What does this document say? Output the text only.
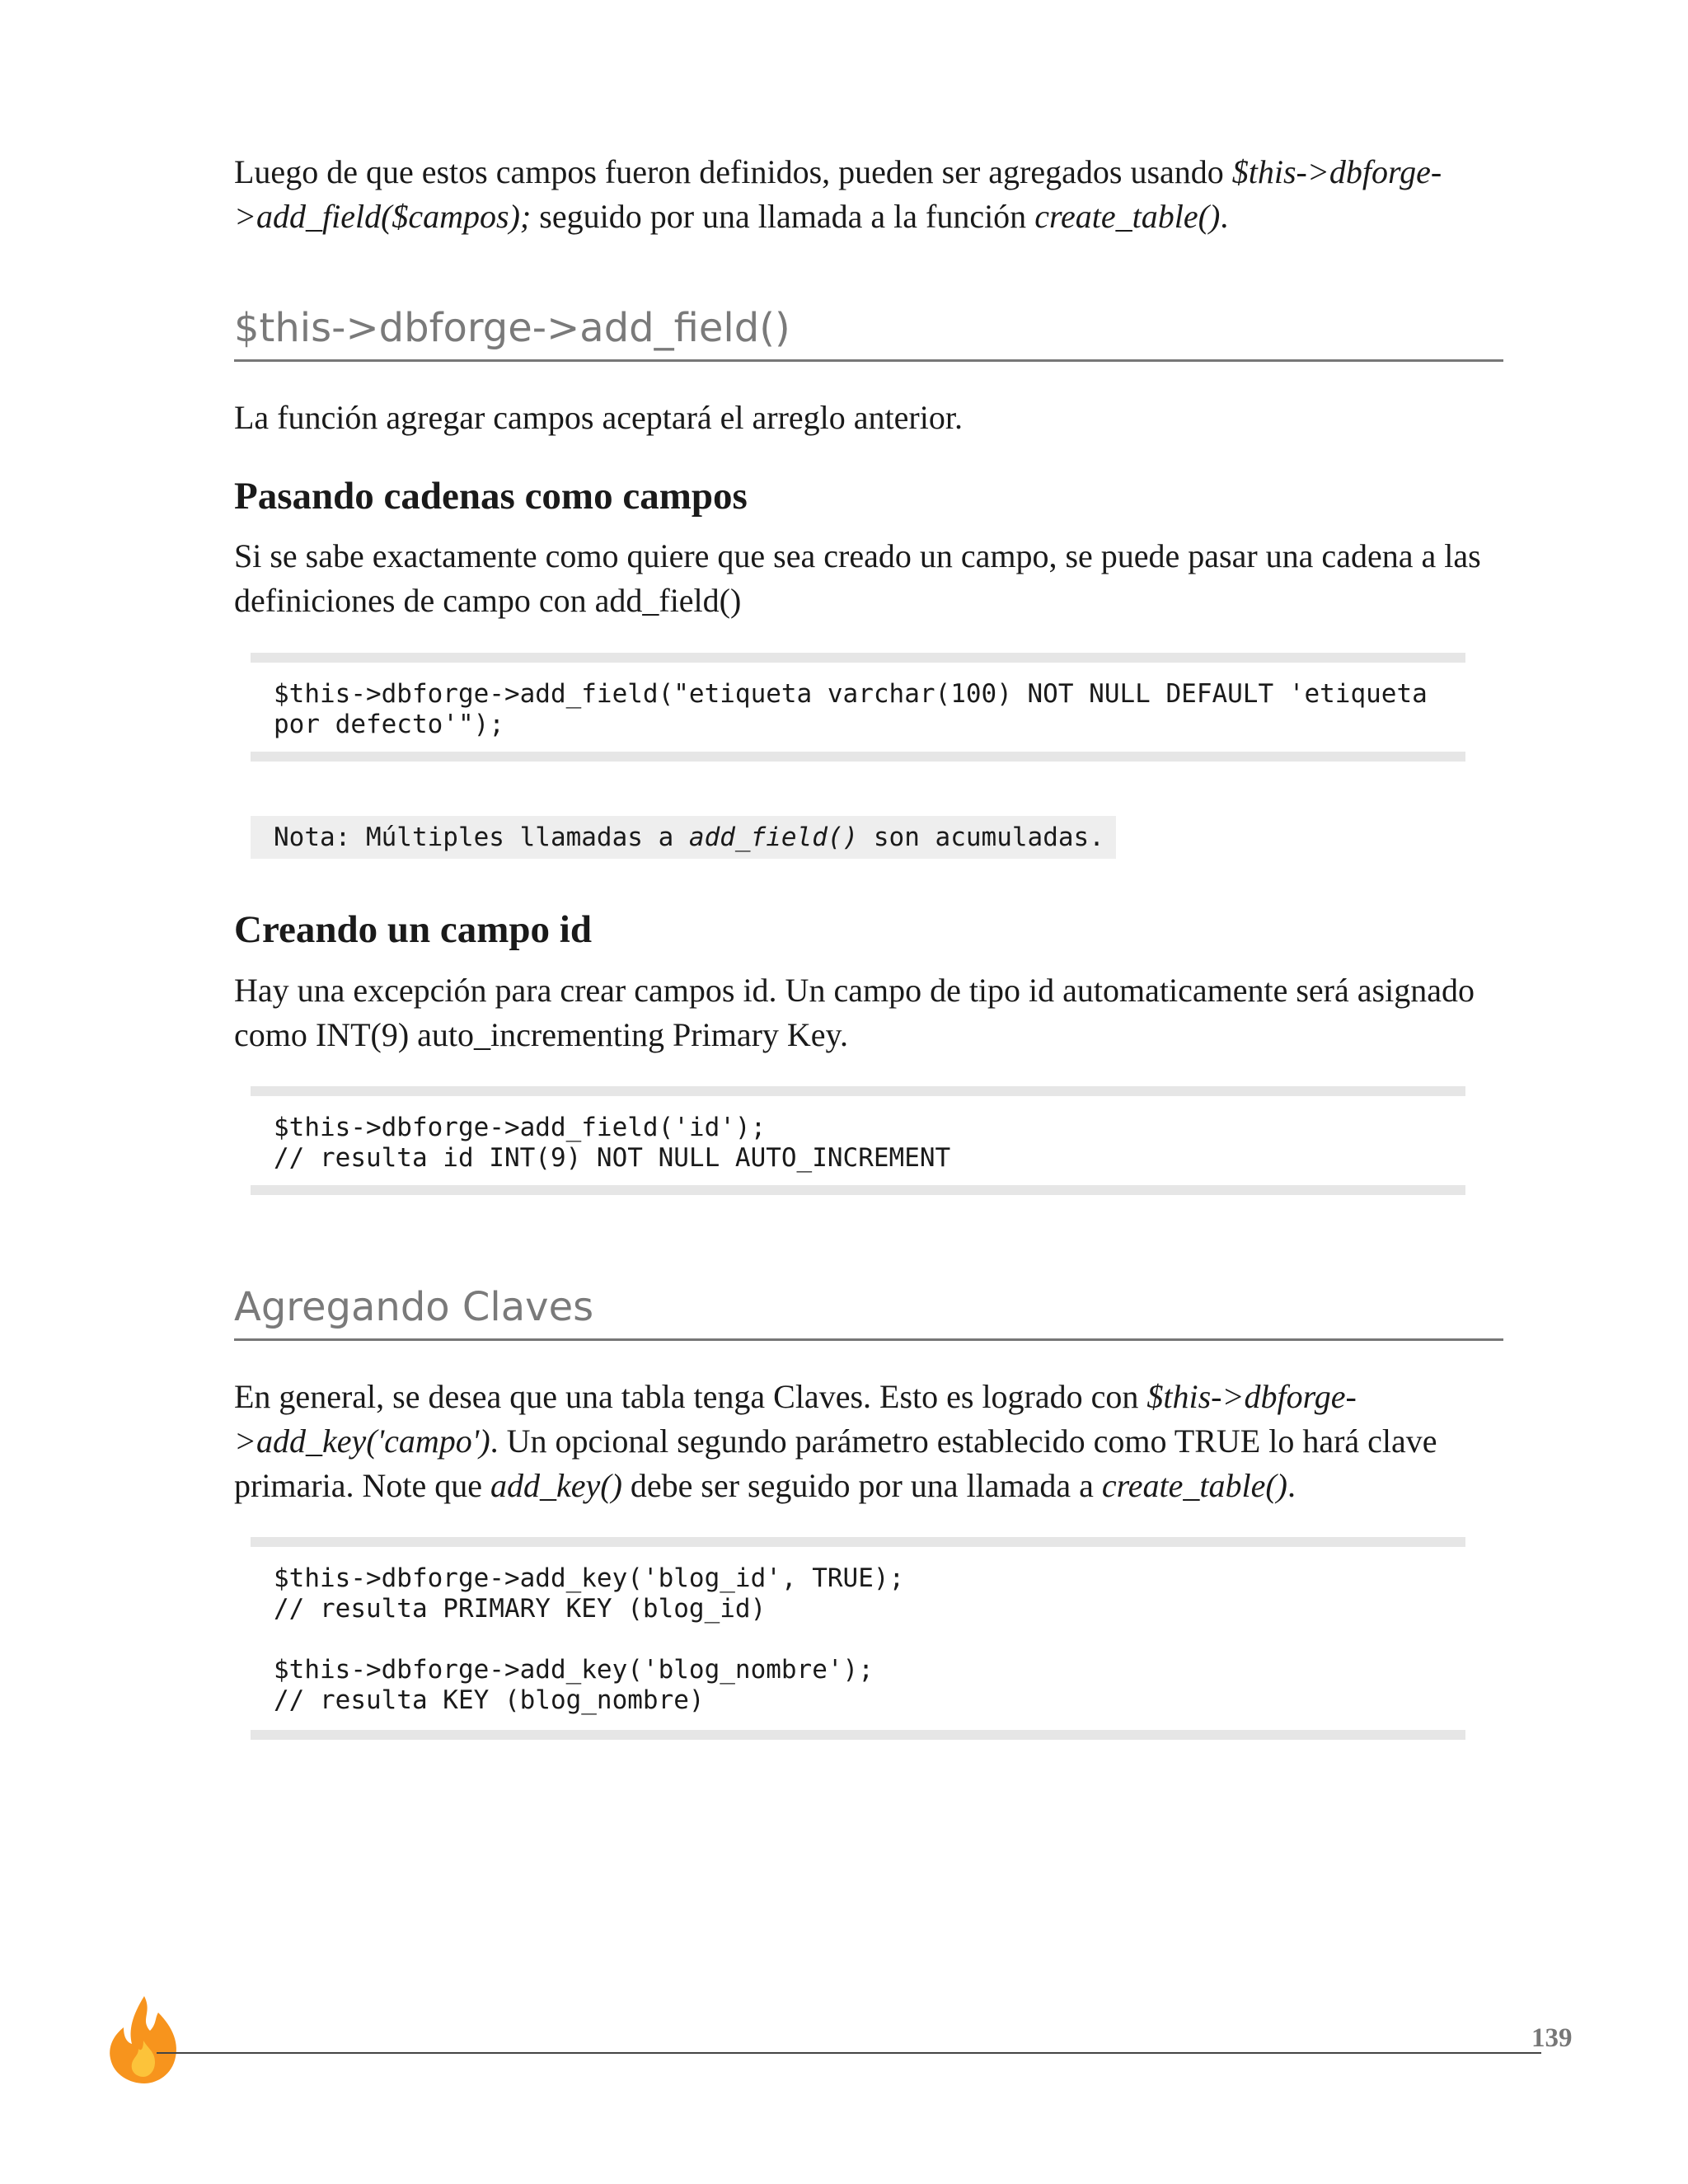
Luego de que estos campos fueron definidos, pueden ser agregados usando $this->dbforge->add_field($campos); seguido por una llamada a la función create_table().

$this->dbforge->add_field()

La función agregar campos aceptará el arreglo anterior.

Pasando cadenas como campos

Si se sabe exactamente como quiere que sea creado un campo, se puede pasar una cadena a las definiciones de campo con add_field()

$this->dbforge->add_field("etiqueta varchar(100) NOT NULL DEFAULT 'etiqueta
por defecto'");
Nota: Múltiples llamadas a add_field() son acumuladas.
Creando un campo id

Hay una excepción para crear campos id. Un campo de tipo id automaticamente será asignado como INT(9) auto_incrementing Primary Key.

$this->dbforge->add_field('id');
// resulta id INT(9) NOT NULL AUTO_INCREMENT
Agregando Claves

En general, se desea que una tabla tenga Claves. Esto es logrado con $this->dbforge->add_key('campo'). Un opcional segundo parámetro establecido como TRUE lo hará clave primaria. Note que add_key() debe ser seguido por una llamada a create_table().

$this->dbforge->add_key('blog_id', TRUE);
// resulta PRIMARY KEY (blog_id)

$this->dbforge->add_key('blog_nombre');
// resulta KEY (blog_nombre)
139
